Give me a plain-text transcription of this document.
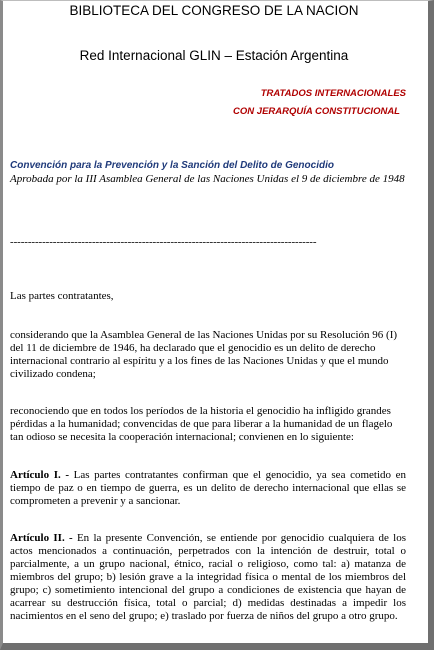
BIBLIOTECA DEL CONGRESO DE LA NACION
Red Internacional GLIN – Estación Argentina
TRATADOS INTERNACIONALES
CON JERARQUÍA CONSTITUCIONAL
Convención para la Prevención y la Sanción del Delito de Genocidio
Aprobada por la III Asamblea General de las Naciones Unidas el 9 de diciembre de 1948
--------------------------------------------------------------------------------------
Las partes contratantes,
considerando que la Asamblea General de las Naciones Unidas por su Resolución 96 (I) del 11 de diciembre de 1946, ha declarado que el genocidio es un delito de derecho internacional contrario al espíritu y a los fines de las Naciones Unidas y que el mundo civilizado condena;
reconociendo que en todos los períodos de la historia el genocidio ha infligido grandes pérdidas a la humanidad; convencidas de que para liberar a la humanidad de un flagelo tan odioso se necesita la cooperación internacional; convienen en lo siguiente:
Artículo I. - Las partes contratantes confirman que el genocidio, ya sea cometido en tiempo de paz o en tiempo de guerra, es un delito de derecho internacional que ellas se comprometen a prevenir y a sancionar.
Artículo II. - En la presente Convención, se entiende por genocidio cualquiera de los actos mencionados a continuación, perpetrados con la intención de destruir, total o parcialmente, a un grupo nacional, étnico, racial o religioso, como tal: a) matanza de miembros del grupo; b) lesión grave a la integridad física o mental de los miembros del grupo; c) sometimiento intencional del grupo a condiciones de existencia que hayan de acarrear su destrucción física, total o parcial; d) medidas destinadas a impedir los nacimientos en el seno del grupo; e) traslado por fuerza de niños del grupo a otro grupo.
